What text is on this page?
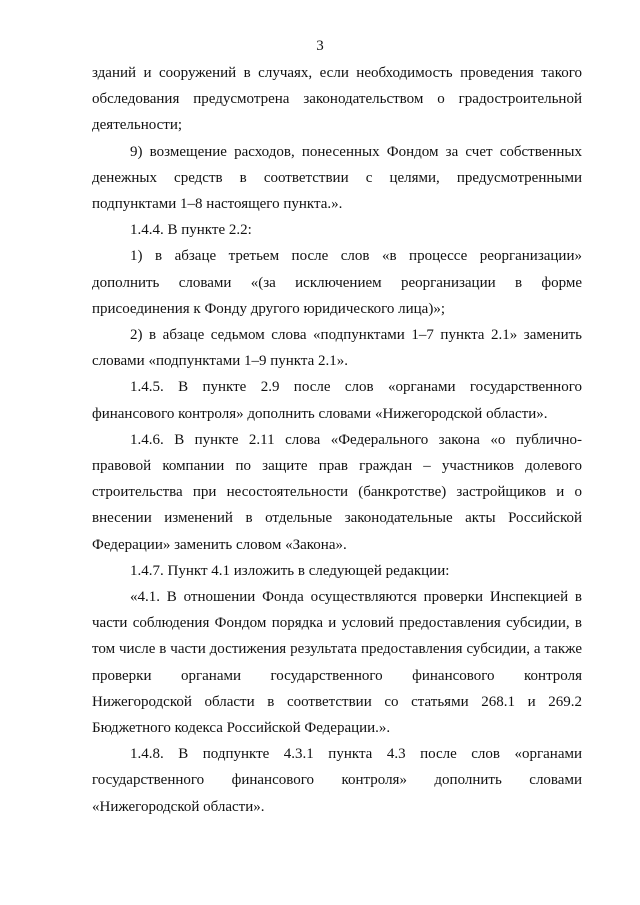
3

зданий и сооружений в случаях, если необходимость проведения такого обследования предусмотрена законодательством о градостроительной деятельности;

9) возмещение расходов, понесенных Фондом за счет собственных денежных средств в соответствии с целями, предусмотренными подпунктами 1–8 настоящего пункта.».

1.4.4. В пункте 2.2:

1) в абзаце третьем после слов «в процессе реорганизации» дополнить словами «(за исключением реорганизации в форме присоединения к Фонду другого юридического лица)»;

2) в абзаце седьмом слова «подпунктами 1–7 пункта 2.1» заменить словами «подпунктами 1–9 пункта 2.1».

1.4.5. В пункте 2.9 после слов «органами государственного финансового контроля» дополнить словами «Нижегородской области».

1.4.6. В пункте 2.11 слова «Федерального закона «о публично-правовой компании по защите прав граждан – участников долевого строительства при несостоятельности (банкротстве) застройщиков и о внесении изменений в отдельные законодательные акты Российской Федерации» заменить словом «Закона».

1.4.7. Пункт 4.1 изложить в следующей редакции:

«4.1. В отношении Фонда осуществляются проверки Инспекцией в части соблюдения Фондом порядка и условий предоставления субсидии, в том числе в части достижения результата предоставления субсидии, а также проверки органами государственного финансового контроля Нижегородской области в соответствии со статьями 268.1 и 269.2 Бюджетного кодекса Российской Федерации.».

1.4.8. В подпункте 4.3.1 пункта 4.3 после слов «органами государственного финансового контроля» дополнить словами «Нижегородской области».
